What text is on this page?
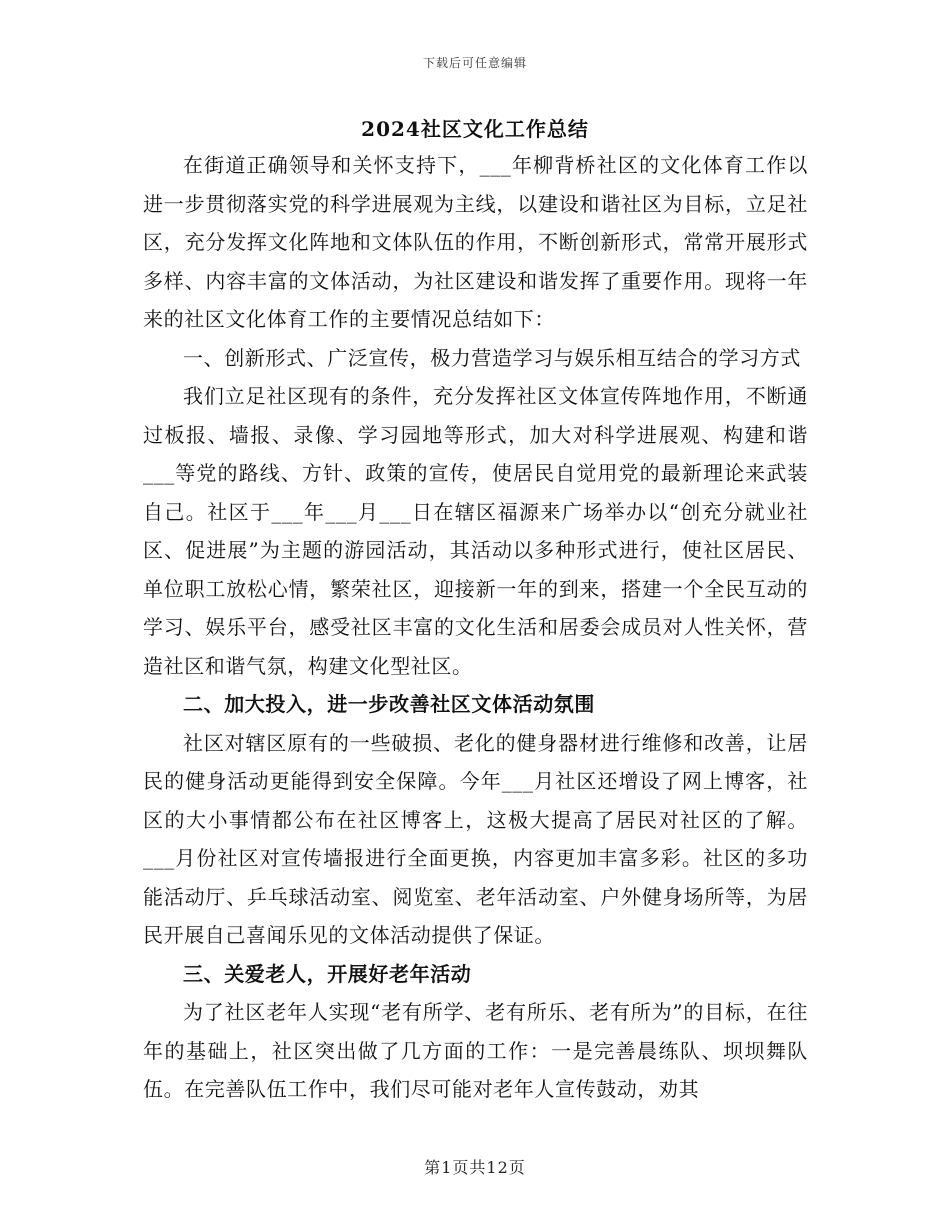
下载后可任意编辑
2024社区文化工作总结

在街道正确领导和关怀支持下，___年柳背桥社区的文化体育工作以进一步贯彻落实党的科学进展观为主线，以建设和谐社区为目标，立足社区，充分发挥文化阵地和文体队伍的作用，不断创新形式，常常开展形式多样、内容丰富的文体活动，为社区建设和谐发挥了重要作用。现将一年来的社区文化体育工作的主要情况总结如下：

一、创新形式、广泛宣传，极力营造学习与娱乐相互结合的学习方式

我们立足社区现有的条件，充分发挥社区文体宣传阵地作用，不断通过板报、墙报、录像、学习园地等形式，加大对科学进展观、构建和谐___等党的路线、方针、政策的宣传，使居民自觉用党的最新理论来武装自己。社区于___年___月___日在辖区福源来广场举办以“创充分就业社区、促进展”为主题的游园活动，其活动以多种形式进行，使社区居民、单位职工放松心情，繁荣社区，迎接新一年的到来，搭建一个全民互动的学习、娱乐平台，感受社区丰富的文化生活和居委会成员对人性关怀，营造社区和谐气氛，构建文化型社区。

二、加大投入，进一步改善社区文体活动氛围

社区对辖区原有的一些破损、老化的健身器材进行维修和改善，让居民的健身活动更能得到安全保障。今年___月社区还增设了网上博客，社区的大小事情都公布在社区博客上，这极大提高了居民对社区的了解。___月份社区对宣传墙报进行全面更换，内容更加丰富多彩。社区的多功能活动厅、乒乓球活动室、阅览室、老年活动室、户外健身场所等，为居民开展自己喜闻乐见的文体活动提供了保证。

三、关爱老人，开展好老年活动

为了社区老年人实现“老有所学、老有所乐、老有所为”的目标，在往年的基础上，社区突出做了几方面的工作：一是完善晨练队、坝坝舞队伍。在完善队伍工作中，我们尽可能对老年人宣传鼓动，劝其

第1页共12页
